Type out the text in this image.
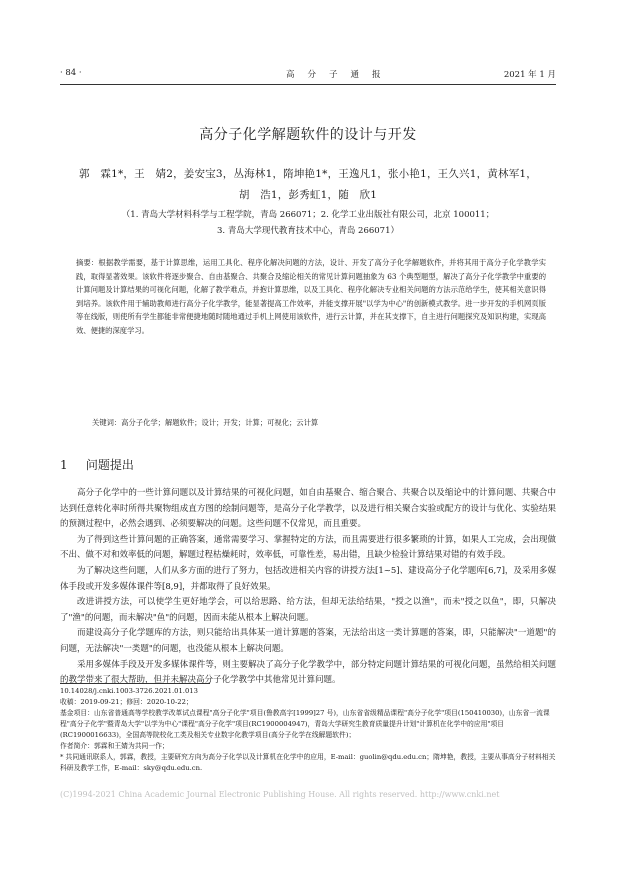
· 84 ·	高分子通报	2021 年 1 月
高分子化学解题软件的设计与开发
郭　霖1*，王　婧2，姜安宝3，丛海林1，隋坤艳1*，王逸凡1，张小艳1，王久兴1，黄林军1，
胡　浩1，彭秀虹1，随　欣1
（1. 青岛大学材料科学与工程学院，青岛 266071；2. 化学工业出版社有限公司，北京 100011；
3. 青岛大学现代教育技术中心，青岛 266071）
摘要：根据教学需要，基于计算思维，运用工具化、程序化解决问题的方法，设计、开发了高分子化学解题软件，并将其用于高分子化学教学实践，取得显著效果。该软件将逐步聚合、自由基聚合、共聚合及缩论相关的常见计算问题抽象为 63 个典型题型，解决了高分子化学教学中重要的计算问题及计算结果的可视化问题，化解了教学难点，并抱计算思维，以及工具化、程序化解决专业相关问题的方法示范给学生，使其相关意识得到培养。该软件用于辅助教师进行高分子化学教学，能显著提高工作效率，并能支撑开展"以学为中心"的创新模式教学。进一步开发的手机网页版等在线版，则使所有学生都能非常便捷地随时随地通过手机上网使用该软件，进行云计算，并在其支撑下，自主进行问题探究及知识构建，实现高效、便捷的深度学习。
关键词：高分子化学；解题软件；设计；开发；计算；可视化；云计算
1 问题提出

高分子化学中的一些计算问题以及计算结果的可视化问题，如自由基聚合、缩合聚合、共聚合以及缩论中的计算问题、共聚合中达到任意转化率时所得共聚物组成直方图的绘制问题等，是高分子化学教学，以及进行相关聚合实验或配方的设计与优化、实验结果的预测过程中，必然会遇到、必须要解决的问题。这些问题不仅常见，而且重要。

为了得到这些计算问题的正确答案，通常需要学习、掌握特定的方法，而且需要进行很多繁琐的计算，如果人工完成，会出现做不出、做不对和效率低的问题，解题过程枯燥耗时，效率低，可靠性差，易出错，且缺少检验计算结果对错的有效手段。

为了解决这些问题，人们从多方面的进行了努力，包括改进相关内容的讲授方法[1~5]、建设高分子化学题库[6,7]，及采用多媒体手段或开发多媒体课件等[8,9]，并都取得了良好效果。

改进讲授方法，可以使学生更好地学会，可以给思路、给方法，但却无法给结果，"授之以渔"，而未"授之以鱼"，即，只解决了"渔"的问题，而未解决"鱼"的问题，因而未能从根本上解决问题。

而建设高分子化学题库的方法，则只能给出具体某一道计算题的答案，无法给出这一类计算题的答案，即，只能解决"一道题"的问题，无法解决"一类题"的问题，也没能从根本上解决问题。

采用多媒体手段及开发多媒体课件等，则主要解决了高分子化学教学中，部分特定问题计算结果的可视化问题，虽然给相关问题的教学带来了很大帮助，但并未解决高分子化学教学中其他常见计算问题。

10.14028/j.cnki.1003-3726.2021.01.013

收稿：2019-09-21；修回：2020-10-22；

基金项目：山东省普通高等学校教学改革试点课程"高分子化学"项目(鲁教高字[1999]27 号)，山东省省级精品课程"高分子化学"项目(150410030)，山东省一流课程"高分子化学"暨青岛大学"以学为中心"课程"高分子化学"项目(RC1900004947)，青岛大学研究生教育质量提升计划"计算机在化学中的应用"项目(RC1900016633)，全国高等院校化工类及相关专业数字化教学项目(高分子化学在线解题软件)；

作者简介：郭霖和王婧为共同一作；

* 共同通讯联系人，郭霖，教授，主要研究方向为高分子化学以及计算机在化学中的应用，E-mail：guolin@qdu.edu.cn；隋坤艳，教授，主要从事高分子材料相关科研及教学工作，E-mail：sky@qdu.edu.cn.

(C)1994-2021 China Academic Journal Electronic Publishing House. All rights reserved. http://www.cnki.net
